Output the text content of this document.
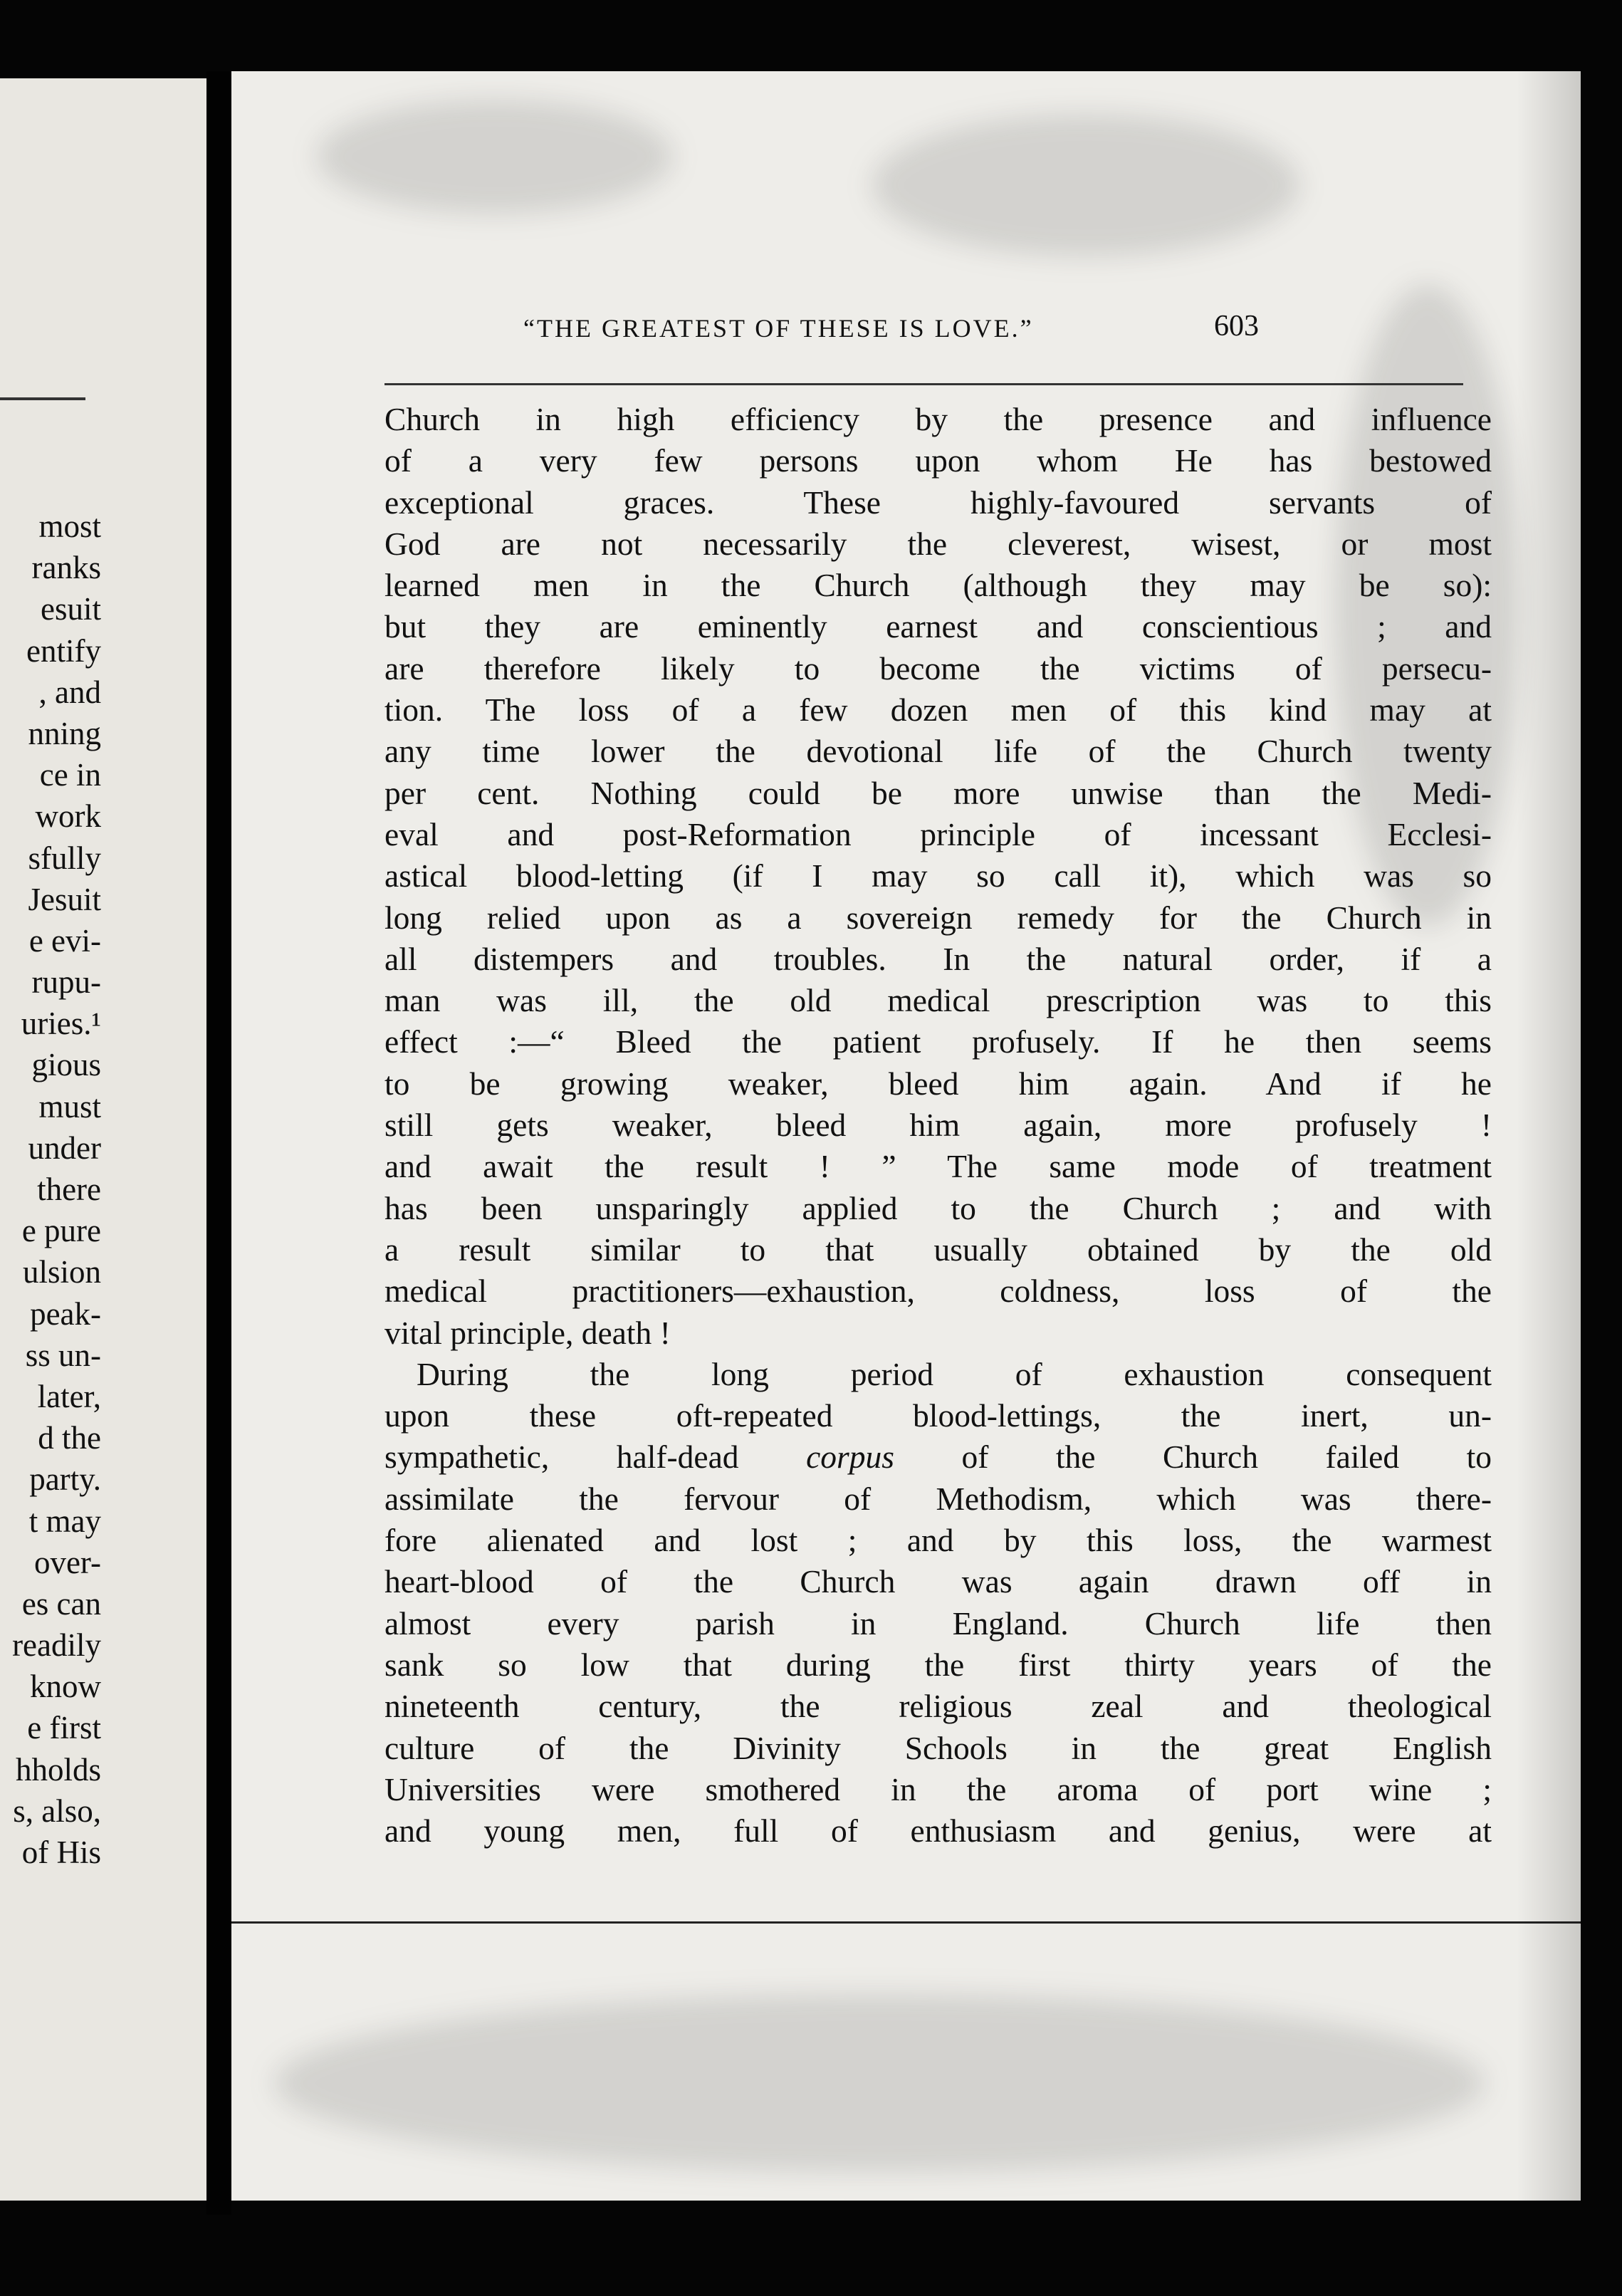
most
ranks
esuit
entify
, and
nning
ce in
work
sfully
Jesuit
e evi-
rupu-
uries.¹
gious
must
under
there
e pure
ulsion
peak-
ss un-
later,
d the
party.
t may
over-
es can
readily
know
e first
hholds
s, also,
of His
“THE GREATEST OF THESE IS LOVE.”	603
Church in high efficiency by the presence and influence
of a very few persons upon whom He has bestowed
exceptional graces. These highly-favoured servants of
God are not necessarily the cleverest, wisest, or most
learned men in the Church (although they may be so):
but they are eminently earnest and conscientious ; and
are therefore likely to become the victims of persecu-
tion. The loss of a few dozen men of this kind may at
any time lower the devotional life of the Church twenty
per cent. Nothing could be more unwise than the Medi-
eval and post-Reformation principle of incessant Ecclesi-
astical blood-letting (if I may so call it), which was so
long relied upon as a sovereign remedy for the Church in
all distempers and troubles. In the natural order, if a
man was ill, the old medical prescription was to this
effect :—“ Bleed the patient profusely. If he then seems
to be growing weaker, bleed him again. And if he
still gets weaker, bleed him again, more profusely !
and await the result ! ” The same mode of treatment
has been unsparingly applied to the Church ; and with
a result similar to that usually obtained by the old
medical practitioners—exhaustion, coldness, loss of the
vital principle, death !
During the long period of exhaustion consequent
upon these oft-repeated blood-lettings, the inert, un-
sympathetic, half-dead corpus of the Church failed to
assimilate the fervour of Methodism, which was there-
fore alienated and lost ; and by this loss, the warmest
heart-blood of the Church was again drawn off in
almost every parish in England. Church life then
sank so low that during the first thirty years of the
nineteenth century, the religious zeal and theological
culture of the Divinity Schools in the great English
Universities were smothered in the aroma of port wine ;
and young men, full of enthusiasm and genius, were at
